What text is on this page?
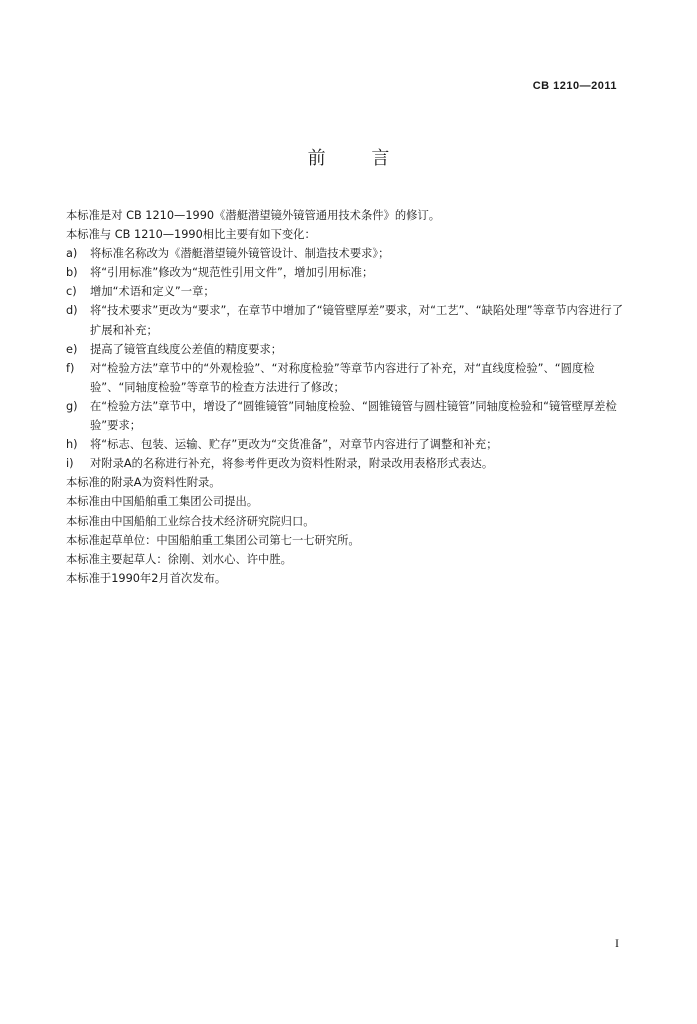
CB 1210—2011
前 言

本标准是对 CB 1210—1990《潜艇潜望镜外镜管通用技术条件》的修订。

本标准与 CB 1210—1990相比主要有如下变化：

a)	将标准名称改为《潜艇潜望镜外镜管设计、制造技术要求》；
b)	将“引用标准”修改为“规范性引用文件”，增加引用标准；
c)	增加“术语和定义”一章；
d)	将“技术要求”更改为“要求”，在章节中增加了“镜管壁厚差”要求，对“工艺”、“缺陷处理”等章节内容进行了扩展和补充；
e)	提高了镜管直线度公差值的精度要求；
f)	对“检验方法”章节中的“外观检验”、“对称度检验”等章节内容进行了补充，对“直线度检验”、“圆度检验”、“同轴度检验”等章节的检查方法进行了修改；
g)	在“检验方法”章节中，增设了“圆锥镜管”同轴度检验、“圆锥镜管与圆柱镜管”同轴度检验和“镜管壁厚差检验”要求；
h)	将“标志、包装、运输、贮存”更改为“交货准备”，对章节内容进行了调整和补充；
i)	对附录A的名称进行补充，将参考件更改为资料性附录，附录改用表格形式表达。

本标准的附录A为资料性附录。

本标准由中国船舶重工集团公司提出。

本标准由中国船舶工业综合技术经济研究院归口。

本标准起草单位：中国船舶重工集团公司第七一七研究所。

本标准主要起草人：徐刚、刘水心、许中胜。

本标准于1990年2月首次发布。

I
